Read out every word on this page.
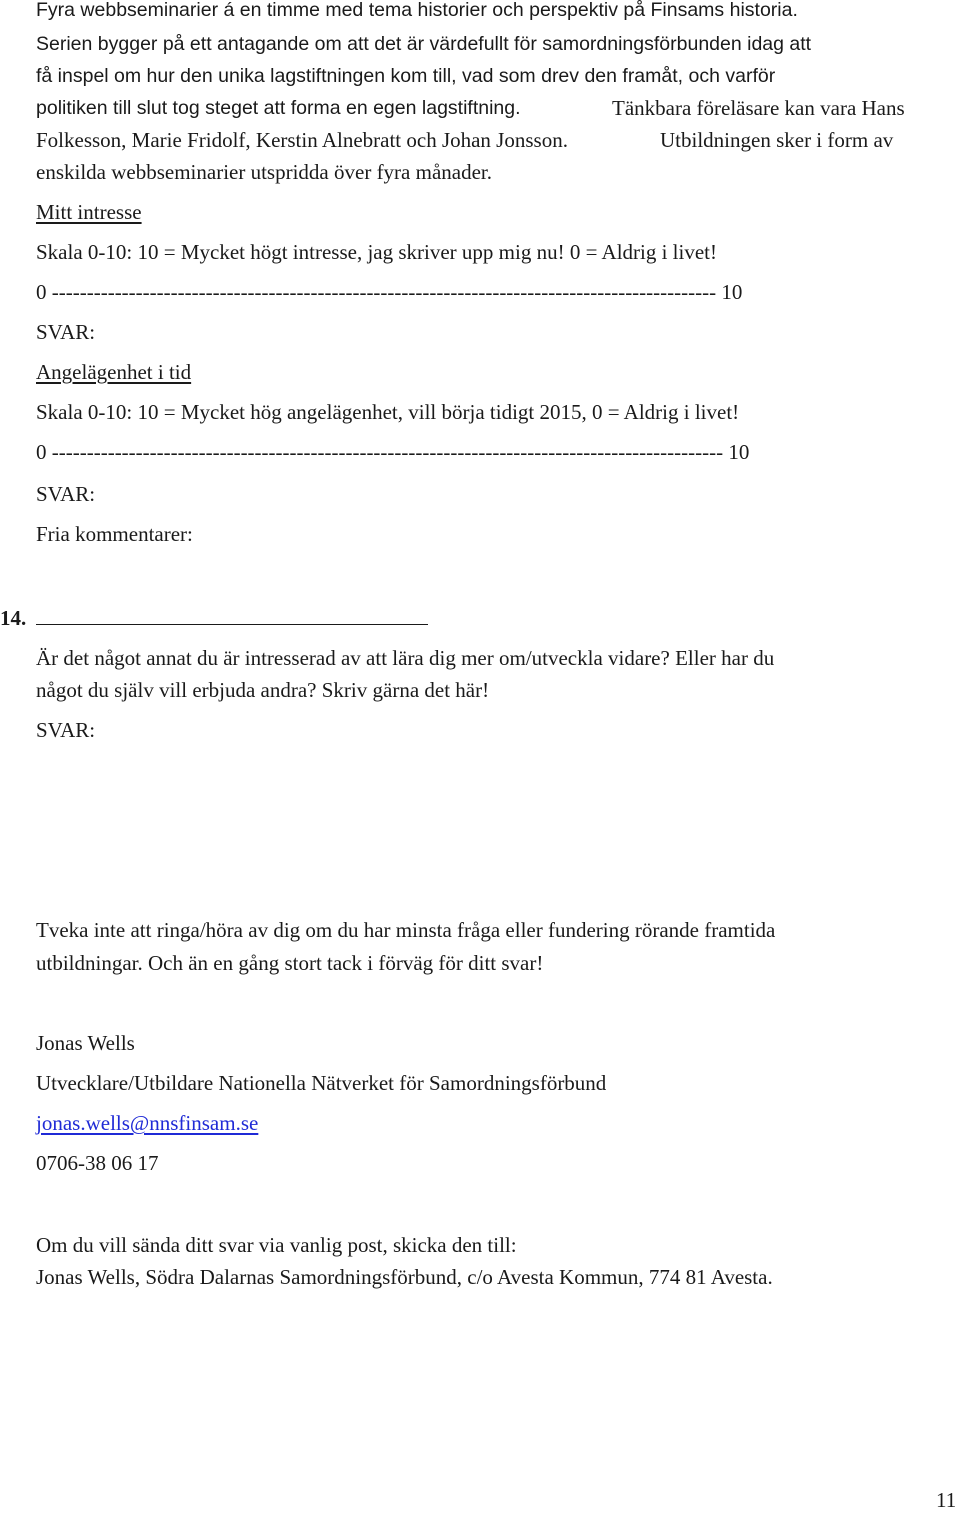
Fyra webbseminarier á en timme med tema historier och perspektiv på Finsams historia.
Serien bygger på ett antagande om att det är värdefullt för samordningsförbunden idag att
få inspel om hur den unika lagstiftningen kom till, vad som drev den framåt, och varför
politiken till slut tog steget att forma en egen lagstiftning.	Tänkbara föreläsare kan vara Hans
Folkesson, Marie Fridolf, Kerstin Alnebratt och Johan Jonsson.	Utbildningen sker i form av
enskilda webbseminarier utspridda över fyra månader.
Mitt intresse
Skala 0-10: 10 = Mycket högt intresse, jag skriver upp mig nu! 0 = Aldrig i livet!
0 ----------------------------------------------------------------------------------------------- 10
SVAR:
Angelägenhet i tid
Skala 0-10: 10 = Mycket hög angelägenhet, vill börja tidigt 2015, 0 = Aldrig i livet!
0 ------------------------------------------------------------------------------------------------ 10
SVAR:
Fria kommentarer:
14.
Är det något annat du är intresserad av att lära dig mer om/utveckla vidare? Eller har du
något du själv vill erbjuda andra? Skriv gärna det här!
SVAR:
Tveka inte att ringa/höra av dig om du har minsta fråga eller fundering rörande framtida
utbildningar. Och än en gång stort tack i förväg för ditt svar!
Jonas Wells
Utvecklare/Utbildare Nationella Nätverket för Samordningsförbund
jonas.wells@nnsfinsam.se
0706-38 06 17
Om du vill sända ditt svar via vanlig post, skicka den till:
Jonas Wells, Södra Dalarnas Samordningsförbund, c/o Avesta Kommun, 774 81 Avesta.
11
